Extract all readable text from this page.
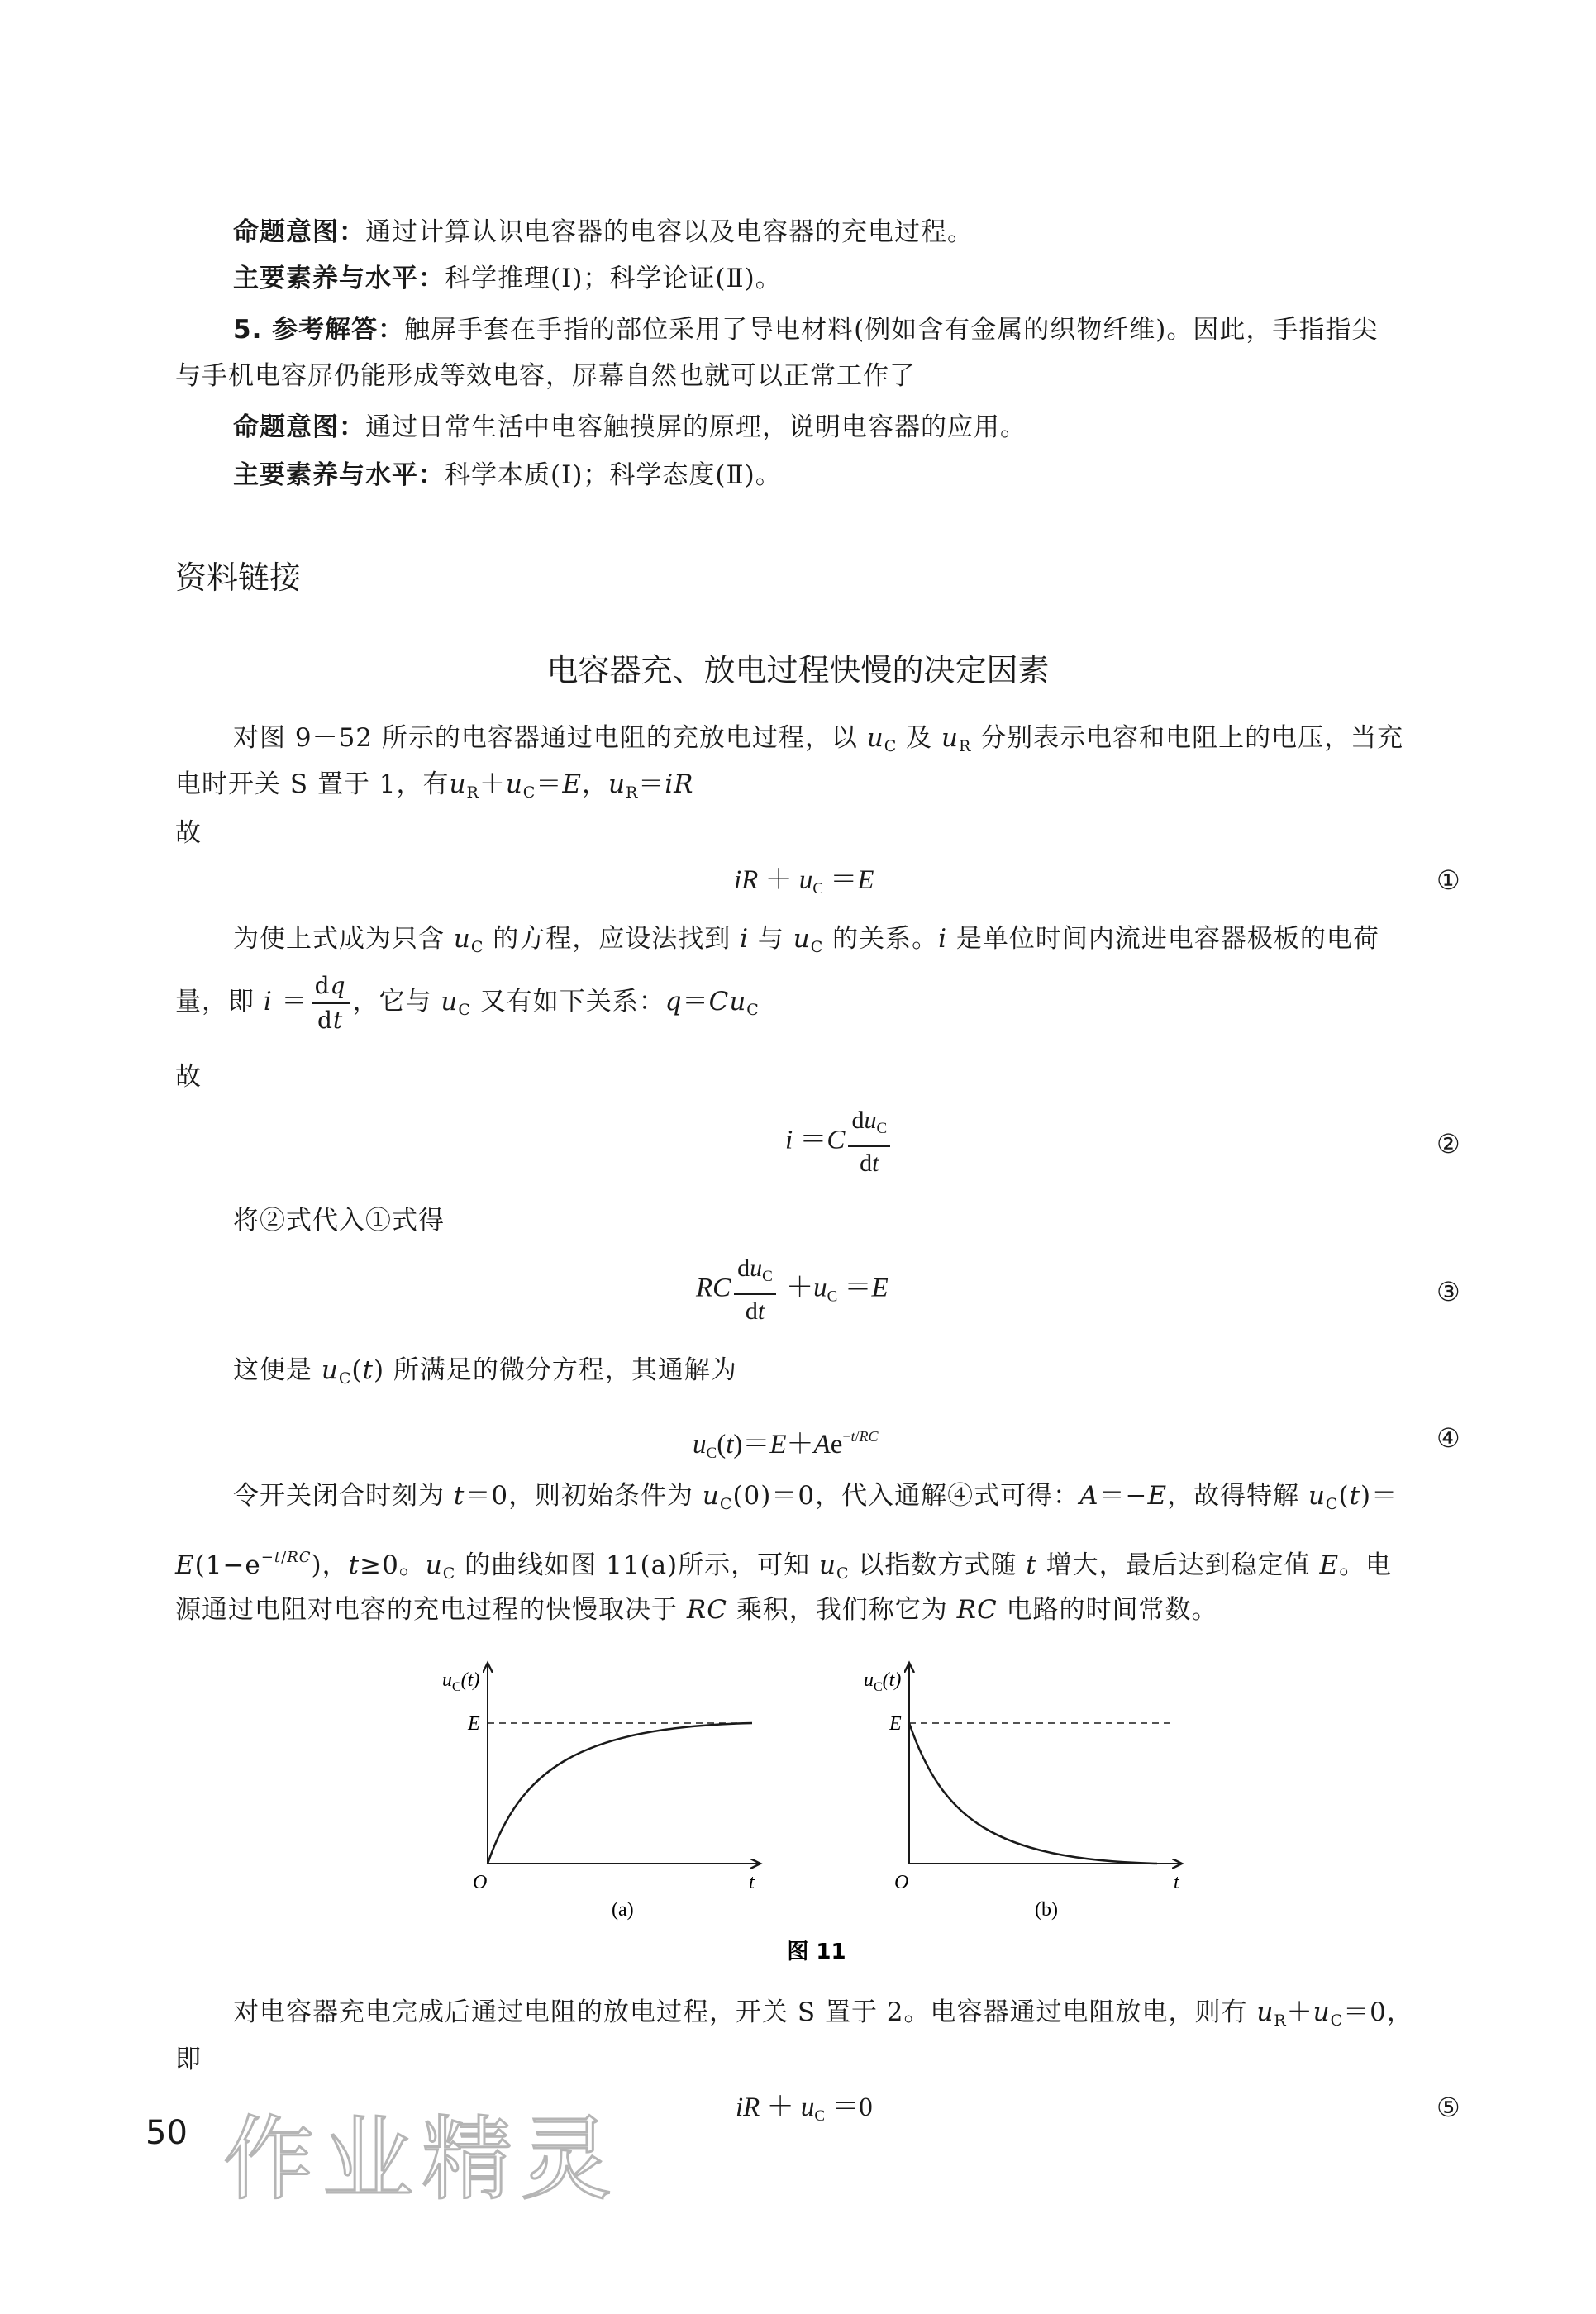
命题意图：通过计算认识电容器的电容以及电容器的充电过程。
主要素养与水平：科学推理(Ⅰ)；科学论证(Ⅱ)。
5. 参考解答：触屏手套在手指的部位采用了导电材料(例如含有金属的织物纤维)。因此，手指指尖
与手机电容屏仍能形成等效电容，屏幕自然也就可以正常工作了
命题意图：通过日常生活中电容触摸屏的原理，说明电容器的应用。
主要素养与水平：科学本质(Ⅰ)；科学态度(Ⅱ)。
资料链接
电容器充、放电过程快慢的决定因素
对图 9－52 所示的电容器通过电阻的充放电过程，以 $u_C$ 及 $u_R$ 分别表示电容和电阻上的电压，当充
电时开关 S 置于 1，有$u_R+u_C=E$，$u_R=iR$
故
iR ＋ $u_C =E$	①
为使上式成为只含 $u_C$ 的方程，应设法找到 i 与 $u_C$ 的关系。i 是单位时间内流进电容器极板的电荷
量，即 $i = \frac{dq}{dt}$ ，它与 $u_C$ 又有如下关系：$q=Cu_C$
故
$i =C \frac{du_C}{dt}$	②
将②式代入①式得
RC $\frac{du_C}{dt} +u_C =E$	③
这便是 $u_C(t)$ 所满足的微分方程，其通解为
$u_C(t)=E+Ae^{-t/RC}$	④
令开关闭合时刻为 t＝0，则初始条件为 $u_C(0)=0$，代入通解④式可得：A＝−E，故得特解 $u_C(t)=$
$E(1-e^{-t/RC})$，t≥0。$u_C$ 的曲线如图 11(a)所示，可知 $u_C$ 以指数方式随 t 增大，最后达到稳定值 E。电
源通过电阻对电容的充电过程的快慢取决于 RC 乘积，我们称它为 RC 电路的时间常数。
$u_C(t)$
E
O	t
(a)
$u_C(t)$
E
O	t
(b)
图 11
对电容器充电完成后通过电阻的放电过程，开关 S 置于 2。电容器通过电阻放电，则有 $u_R+u_C=0$，
即
iR ＋ $u_C =0$	⑤
50 作业精灵
